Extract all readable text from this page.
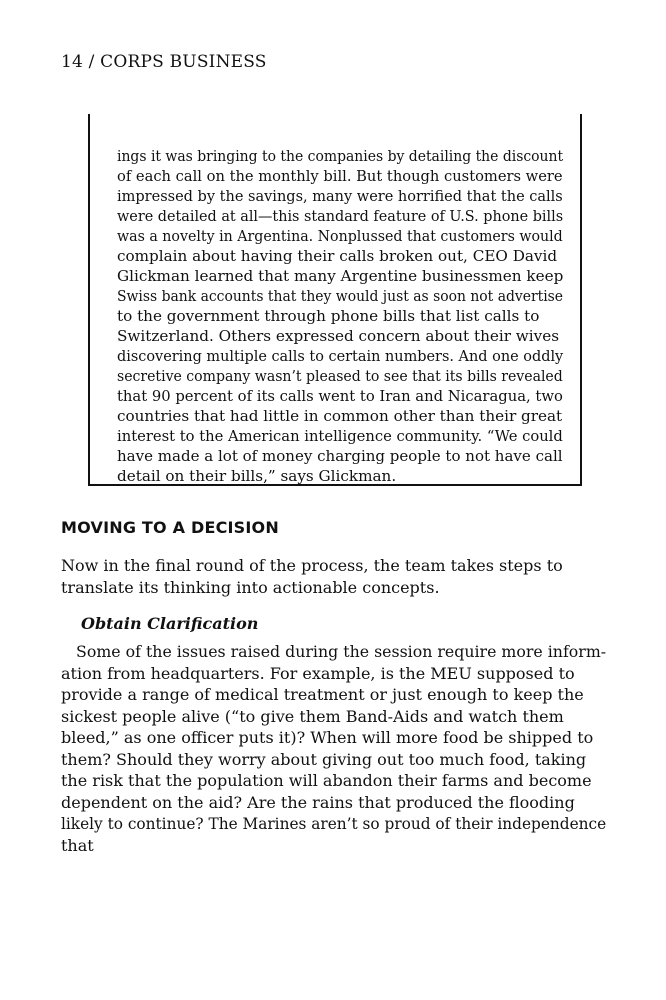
14 / CORPS BUSINESS
ings it was bringing to the companies by detailing the discount
of each call on the monthly bill. But though customers were
impressed by the savings, many were horrified that the calls
were detailed at all—this standard feature of U.S. phone bills
was a novelty in Argentina. Nonplussed that customers would
complain about having their calls broken out, CEO David
Glickman learned that many Argentine businessmen keep
Swiss bank accounts that they would just as soon not advertise
to the government through phone bills that list calls to
Switzerland. Others expressed concern about their wives
discovering multiple calls to certain numbers. And one oddly
secretive company wasn’t pleased to see that its bills revealed
that 90 percent of its calls went to Iran and Nicaragua, two
countries that had little in common other than their great
interest to the American intelligence community. “We could
have made a lot of money charging people to not have call
detail on their bills,” says Glickman.
MOVING TO A DECISION
Now in the final round of the process, the team takes steps to
translate its thinking into actionable concepts.
Obtain Clarification
Some of the issues raised during the session require more inform-
ation from headquarters. For example, is the MEU supposed to
provide a range of medical treatment or just enough to keep the
sickest people alive (“to give them Band-Aids and watch them
bleed,” as one officer puts it)? When will more food be shipped to
them? Should they worry about giving out too much food, taking
the risk that the population will abandon their farms and become
dependent on the aid? Are the rains that produced the flooding
likely to continue? The Marines aren’t so proud of their independence
that
